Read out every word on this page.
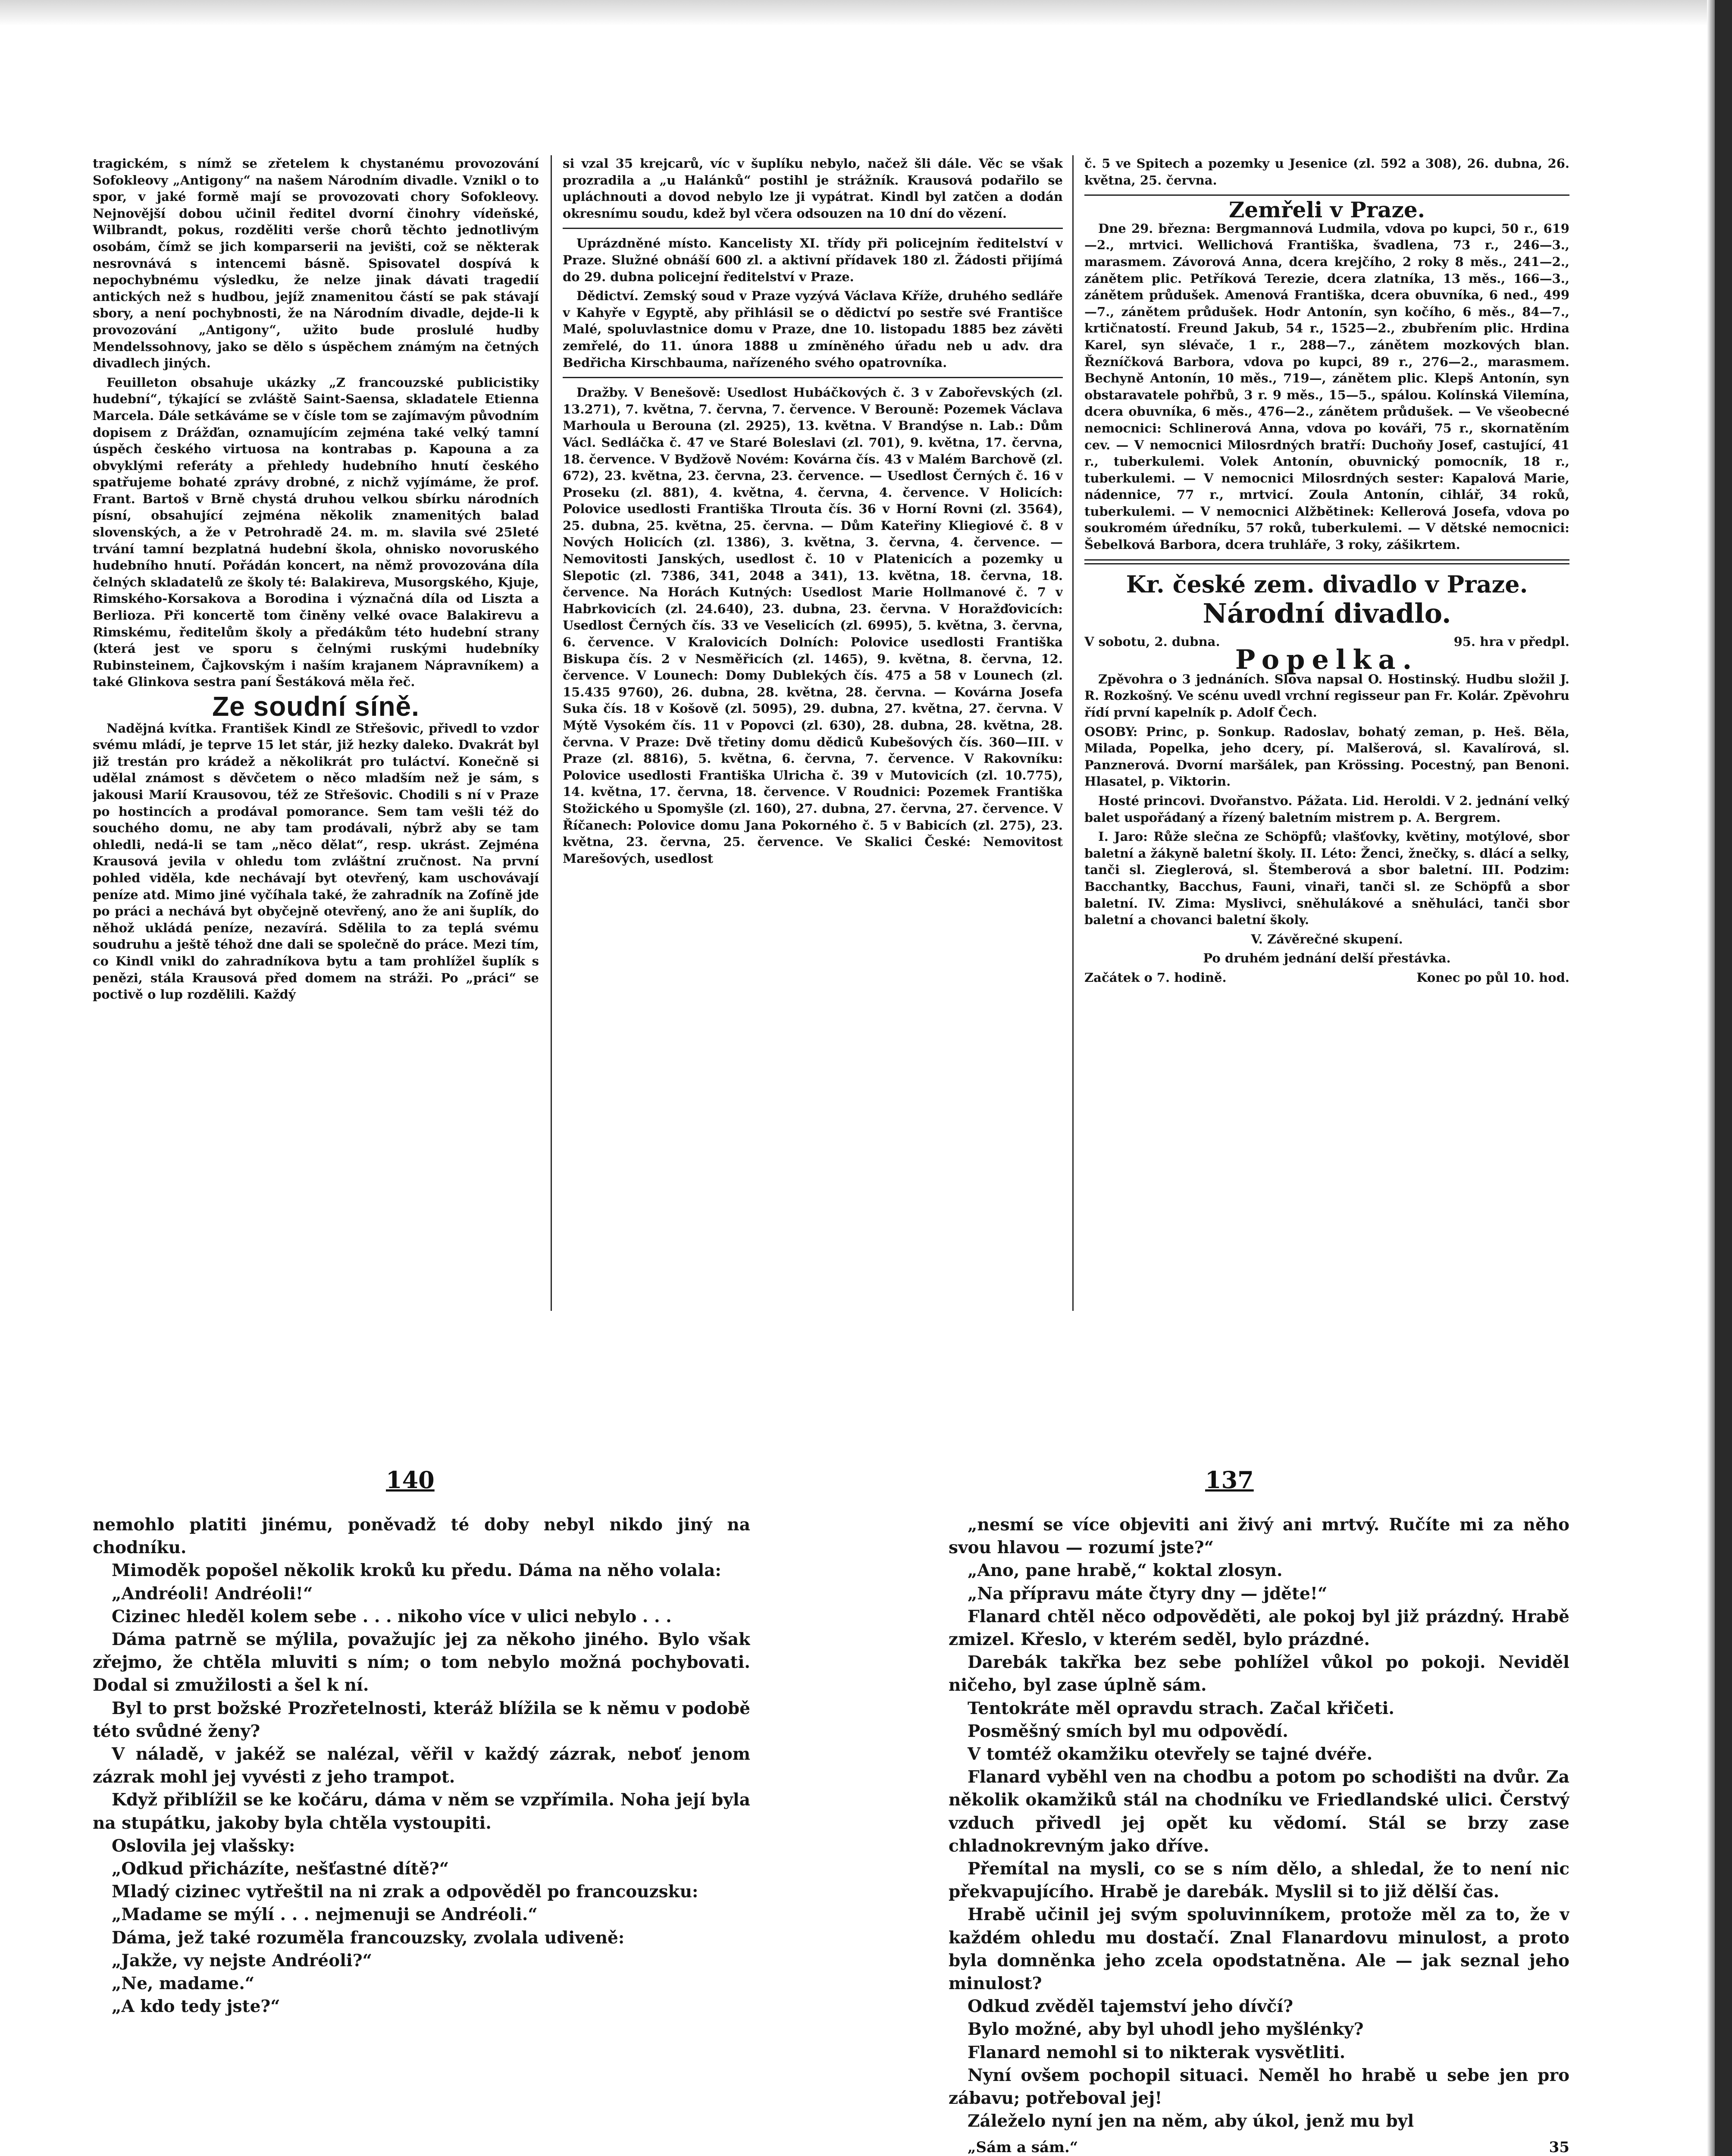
tragickém, s nímž se zřetelem k chystanému provozování Sofokleovy „Antigony“ na našem Národním divadle. Vznikl o to spor, v jaké formě mají se provozovati chory Sofokleovy. Nejnovější dobou učinil ředitel dvorní činohry vídeňské, Wilbrandt, pokus, rozděliti verše chorů těchto jednotlivým osobám, čímž se jich komparserii na jevišti, což se některak nesrovnává s intencemi básně. Spisovatel dospívá k nepochybnému výsledku, že nelze jinak dávati tragedií antických než s hudbou, jejíž znamenitou částí se pak stávají sbory, a není pochybnosti, že na Národním divadle, dejde-li k provozování „Antigony“, užito bude proslulé hudby Mendelssohnovy, jako se dělo s úspěchem známým na četných divadlech jiných.

Feuilleton obsahuje ukázky „Z francouzské publicistiky hudební“, týkající se zvláště Saint-Saensa, skladatele Etienna Marcela. Dále setkáváme se v čísle tom se zajímavým původním dopisem z Drážďan, oznamujícím zejména také velký tamní úspěch českého virtuosa na kontrabas p. Kapouna a za obvyklými referáty a přehledy hudebního hnutí českého spatřujeme bohaté zprávy drobné, z nichž vyjímáme, že prof. Frant. Bartoš v Brně chystá druhou velkou sbírku národních písní, obsahující zejména několik znamenitých balad slovenských, a že v Petrohradě 24. m. m. slavila své 25leté trvání tamní bezplatná hudební škola, ohnisko novoruského hudebního hnutí. Pořádán koncert, na němž provozována díla čelných skladatelů ze školy té: Balakireva, Musorgského, Kjuje, Rimského-Korsakova a Borodina i význačná díla od Liszta a Berlioza. Při koncertě tom činěny velké ovace Balakirevu a Rimskému, ředitelům školy a předákům této hudební strany (která jest ve sporu s čelnými ruskými hudebníky Rubinsteinem, Čajkovským i naším krajanem Nápravníkem) a také Glinkova sestra paní Šestáková měla řeč.

Ze soudní síně.

Nadějná kvítka. František Kindl ze Střešovic, přivedl to vzdor svému mládí, je teprve 15 let stár, již hezky daleko. Dvakrát byl již trestán pro krádež a několikrát pro tuláctví. Konečně si udělal známost s děvčetem o něco mladším než je sám, s jakousi Marií Krausovou, též ze Střešovic. Chodili s ní v Praze po hostincích a prodával pomorance. Sem tam vešli též do souchého domu, ne aby tam prodávali, nýbrž aby se tam ohledli, nedá-li se tam „něco dělat“, resp. ukrást. Zejména Krausová jevila v ohledu tom zvláštní zručnost. Na první pohled viděla, kde nechávají byt otevřený, kam uschovávají peníze atd. Mimo jiné vyčíhala také, že zahradník na Zofíně jde po práci a nechává byt obyčejně otevřený, ano že ani šuplík, do něhož ukládá peníze, nezavírá. Sdělila to za teplá svému soudruhu a ještě téhož dne dali se společně do práce. Mezi tím, co Kindl vnikl do zahradníkova bytu a tam prohlížel šuplík s penězi, stála Krausová před domem na stráži. Po „práci“ se poctivě o lup rozdělili. Každý

si vzal 35 krejcarů, víc v šuplíku nebylo, načež šli dále. Věc se však prozradila a „u Halánků“ postihl je strážník. Krausová podařilo se upláchnouti a dovod nebylo lze ji vypátrat. Kindl byl zatčen a dodán okresnímu soudu, kdež byl včera odsouzen na 10 dní do vězení.

Uprázdněné místo. Kancelisty XI. třídy při policejním ředitelství v Praze. Služné obnáší 600 zl. a aktivní přídavek 180 zl. Žádosti přijímá do 29. dubna policejní ředitelství v Praze.

Dědictví. Zemský soud v Praze vyzývá Václava Kříže, druhého sedláře v Kahyře v Egyptě, aby přihlásil se o dědictví po sestře své Františce Malé, spoluvlastnice domu v Praze, dne 10. listopadu 1885 bez závěti zemřelé, do 11. února 1888 u zmíněného úřadu neb u adv. dra Bedřicha Kirschbauma, nařízeného svého opatrovníka.

Dražby. V Benešově: Usedlost Hubáčkových č. 3 v Zabořevských (zl. 13.271), 7. května, 7. června, 7. července. V Berouně: Pozemek Václava Marhoula u Berouna (zl. 2925), 13. května. V Brandýse n. Lab.: Dům Václ. Sedláčka č. 47 ve Staré Boleslavi (zl. 701), 9. května, 17. června, 18. července. V Bydžově Novém: Kovárna čís. 43 v Malém Barchově (zl. 672), 23. května, 23. června, 23. července. — Usedlost Černých č. 16 v Proseku (zl. 881), 4. května, 4. června, 4. července. V Holicích: Polovice usedlosti Františka Tlrouta čís. 36 v Horní Rovni (zl. 3564), 25. dubna, 25. května, 25. června. — Dům Kateřiny Kliegiové č. 8 v Nových Holicích (zl. 1386), 3. května, 3. června, 4. července. — Nemovitosti Janských, usedlost č. 10 v Platenicích a pozemky u Slepotic (zl. 7386, 341, 2048 a 341), 13. května, 18. června, 18. července. Na Horách Kutných: Usedlost Marie Hollmanové č. 7 v Habrkovicích (zl. 24.640), 23. dubna, 23. června. V Horažďovicích: Usedlost Černých čís. 33 ve Veselicích (zl. 6995), 5. května, 3. června, 6. července. V Kralovicích Dolních: Polovice usedlosti Františka Biskupa čís. 2 v Nesměřicích (zl. 1465), 9. května, 8. června, 12. července. V Lounech: Domy Dublekých čís. 475 a 58 v Lounech (zl. 15.435 9760), 26. dubna, 28. května, 28. června. — Kovárna Josefa Suka čís. 18 v Košově (zl. 5095), 29. dubna, 27. května, 27. června. V Mýtě Vysokém čís. 11 v Popovci (zl. 630), 28. dubna, 28. května, 28. června. V Praze: Dvě třetiny domu dědiců Kubešových čís. 360—III. v Praze (zl. 8816), 5. května, 6. června, 7. července. V Rakovníku: Polovice usedlosti Františka Ulricha č. 39 v Mutovicích (zl. 10.775), 14. května, 17. června, 18. července. V Roudnici: Pozemek Františka Stožického u Spomyšle (zl. 160), 27. dubna, 27. června, 27. července. V Říčanech: Polovice domu Jana Pokorného č. 5 v Babicích (zl. 275), 23. května, 23. června, 25. července. Ve Skalici České: Nemovitost Marešových, usedlost

č. 5 ve Spitech a pozemky u Jesenice (zl. 592 a 308), 26. dubna, 26. května, 25. června.

Zemřeli v Praze.

Dne 29. března: Bergmannová Ludmila, vdova po kupci, 50 r., 619—2., mrtvici. Wellichová Františka, švadlena, 73 r., 246—3., marasmem. Závorová Anna, dcera krejčího, 2 roky 8 měs., 241—2., zánětem plic. Petříková Terezie, dcera zlatníka, 13 měs., 166—3., zánětem průdušek. Amenová Františka, dcera obuvníka, 6 ned., 499—7., zánětem průdušek. Hodr Antonín, syn kočího, 6 měs., 84—7., krtičnatostí. Freund Jakub, 54 r., 1525—2., zbubřením plic. Hrdina Karel, syn slévače, 1 r., 288—7., zánětem mozkových blan. Řezníčková Barbora, vdova po kupci, 89 r., 276—2., marasmem. Bechyně Antonín, 10 měs., 719—, zánětem plic. Klepš Antonín, syn obstaravatele pohřbů, 3 r. 9 měs., 15—5., spálou. Kolínská Vilemína, dcera obuvníka, 6 měs., 476—2., zánětem průdušek. — Ve všeobecné nemocnici: Schlinerová Anna, vdova po kováři, 75 r., skornatěním cev. — V nemocnici Milosrdných bratří: Duchoňy Josef, castující, 41 r., tuberkulemi. Volek Antonín, obuvnický pomocník, 18 r., tuberkulemi. — V nemocnici Milosrdných sester: Kapalová Marie, nádennice, 77 r., mrtvicí. Zoula Antonín, cihlář, 34 roků, tuberkulemi. — V nemocnici Alžbětinek: Kellerová Josefa, vdova po soukromém úředníku, 57 roků, tuberkulemi. — V dětské nemocnici: Šebelková Barbora, dcera truhláře, 3 roky, zášikrtem.

Kr. české zem. divadlo v Praze.
Národní divadlo.
V sobotu, 2. dubna.	95. hra v předpl.
Popelka.

Zpěvohra o 3 jednáních. Slova napsal O. Hostinský. Hudbu složil J. R. Rozkošný. Ve scénu uvedl vrchní regisseur pan Fr. Kolár. Zpěvohru řídí první kapelník p. Adolf Čech.

OSOBY: Princ, p. Sonkup. Radoslav, bohatý zeman, p. Heš. Běla, Milada, Popelka, jeho dcery, pí. Malšerová, sl. Kavalírová, sl. Panznerová. Dvorní maršálek, pan Krössing. Pocestný, pan Benoni. Hlasatel, p. Viktorin.

Hosté princovi. Dvořanstvo. Pážata. Lid. Heroldi. V 2. jednání velký balet uspořádaný a řízený baletním mistrem p. A. Bergrem.

I. Jaro: Růže slečna ze Schöpfů; vlašťovky, květiny, motýlové, sbor baletní a žákyně baletní školy. II. Léto: Ženci, žnečky, s. dlácí a selky, tanči sl. Zieglerová, sl. Štemberová a sbor baletní. III. Podzim: Bacchantky, Bacchus, Fauni, vinaři, tanči sl. ze Schöpfů a sbor baletní. IV. Zima: Myslivci, sněhulákové a sněhuláci, tanči sbor baletní a chovanci baletní školy.

V. Závěrečné skupení.

Po druhém jednání delší přestávka.

Začátek o 7. hodině.	Konec po půl 10. hod.
140	137

nemohlo platiti jinému, poněvadž té doby nebyl nikdo jiný na chodníku.

Mimoděk popošel několik kroků ku předu. Dáma na něho volala:

„Andréoli! Andréoli!“

Cizinec hleděl kolem sebe . . . nikoho více v ulici nebylo . . .

Dáma patrně se mýlila, považujíc jej za někoho jiného. Bylo však zřejmo, že chtěla mluviti s ním; o tom nebylo možná pochybovati. Dodal si zmužilosti a šel k ní.

Byl to prst božské Prozřetelnosti, kteráž blížila se k němu v podobě této svůdné ženy?

V náladě, v jakéž se nalézal, věřil v každý zázrak, neboť jenom zázrak mohl jej vyvésti z jeho trampot.

Když přiblížil se ke kočáru, dáma v něm se vzpřímila. Noha její byla na stupátku, jakoby byla chtěla vystoupiti.

Oslovila jej vlašsky:

„Odkud přicházíte, nešťastné dítě?“

Mladý cizinec vytřeštil na ni zrak a odpověděl po francouzsku:

„Madame se mýlí . . . nejmenuji se Andréoli.“

Dáma, jež také rozuměla francouzsky, zvolala udiveně:

„Jakže, vy nejste Andréoli?“

„Ne, madame.“

„A kdo tedy jste?“

„nesmí se více objeviti ani živý ani mrtvý. Ručíte mi za něho svou hlavou — rozumí jste?“

„Ano, pane hrabě,“ koktal zlosyn.

„Na přípravu máte čtyry dny — jděte!“

Flanard chtěl něco odpověděti, ale pokoj byl již prázdný. Hrabě zmizel. Křeslo, v kterém seděl, bylo prázdné.

Darebák takřka bez sebe pohlížel vůkol po pokoji. Neviděl ničeho, byl zase úplně sám.

Tentokráte měl opravdu strach. Začal křičeti.

Posměšný smích byl mu odpovědí.

V tomtéž okamžiku otevřely se tajné dvéře.

Flanard vyběhl ven na chodbu a potom po schodišti na dvůr. Za několik okamžiků stál na chodníku ve Friedlandské ulici. Čerstvý vzduch přivedl jej opět ku vědomí. Stál se brzy zase chladnokrevným jako dříve.

Přemítal na mysli, co se s ním dělo, a shledal, že to není nic překvapujícího. Hrabě je darebák. Myslil si to již dělší čas.

Hrabě učinil jej svým spoluvinníkem, protože měl za to, že v každém ohledu mu dostačí. Znal Flanardovu minulost, a proto byla domněnka jeho zcela opodstatněna. Ale — jak seznal jeho minulost?

Odkud zvěděl tajemství jeho dívčí?

Bylo možné, aby byl uhodl jeho myšlénky?

Flanard nemohl si to nikterak vysvětliti.

Nyní ovšem pochopil situaci. Neměl ho hrabě u sebe jen pro zábavu; potřeboval jej!

Záleželo nyní jen na něm, aby úkol, jenž mu byl

„Sám a sám.“	35
